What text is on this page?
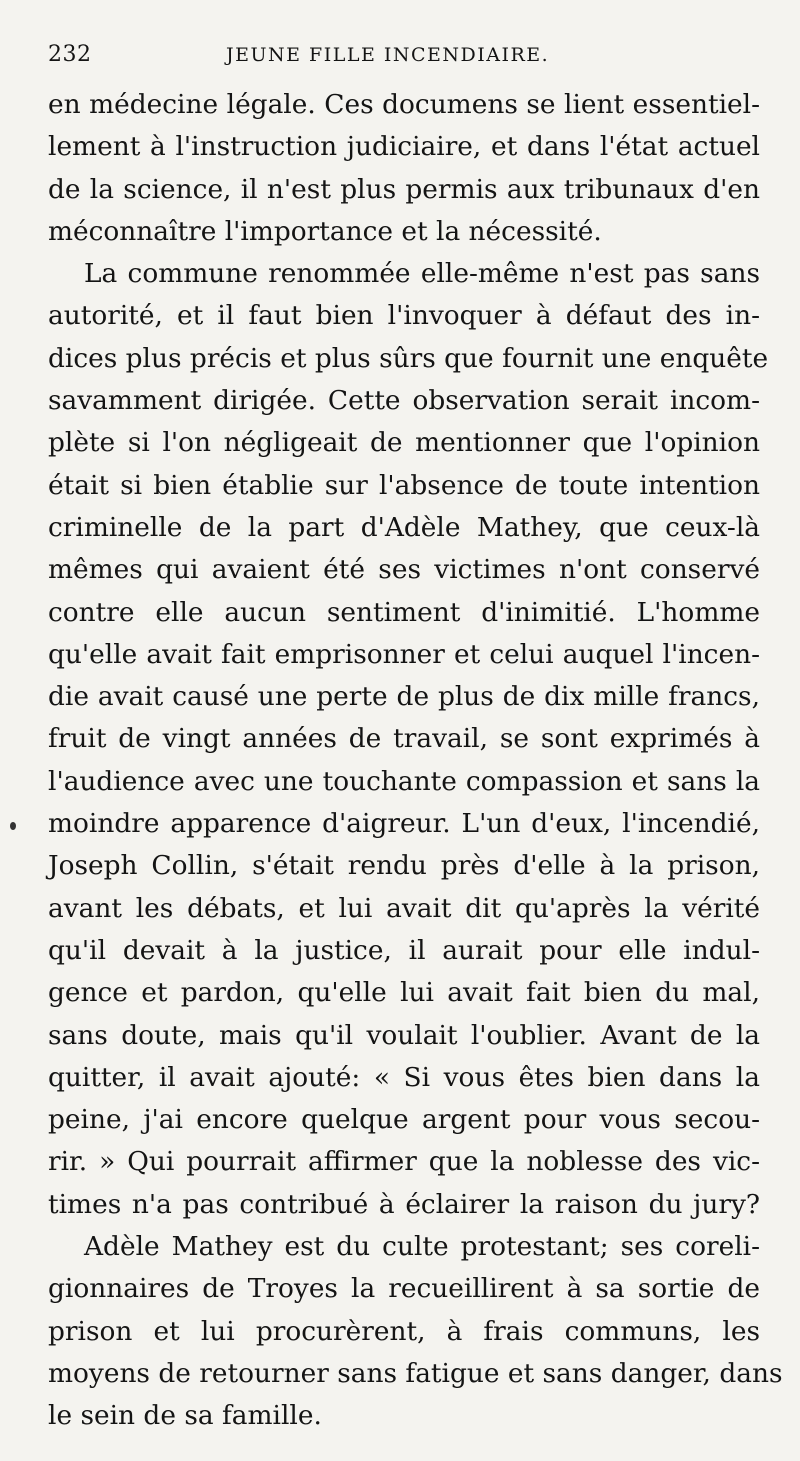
232	JEUNE FILLE INCENDIAIRE.
en médecine légale. Ces documens se lient essentiel-
lement à l'instruction judiciaire, et dans l'état actuel
de la science, il n'est plus permis aux tribunaux d'en
méconnaître l'importance et la nécessité.
La commune renommée elle-même n'est pas sans
autorité, et il faut bien l'invoquer à défaut des in-
dices plus précis et plus sûrs que fournit une enquête
savamment dirigée. Cette observation serait incom-
plète si l'on négligeait de mentionner que l'opinion
était si bien établie sur l'absence de toute intention
criminelle de la part d'Adèle Mathey, que ceux-là
mêmes qui avaient été ses victimes n'ont conservé
contre elle aucun sentiment d'inimitié. L'homme
qu'elle avait fait emprisonner et celui auquel l'incen-
die avait causé une perte de plus de dix mille francs,
fruit de vingt années de travail, se sont exprimés à
l'audience avec une touchante compassion et sans la
moindre apparence d'aigreur. L'un d'eux, l'incendié,
Joseph Collin, s'était rendu près d'elle à la prison,
avant les débats, et lui avait dit qu'après la vérité
qu'il devait à la justice, il aurait pour elle indul-
gence et pardon, qu'elle lui avait fait bien du mal,
sans doute, mais qu'il voulait l'oublier. Avant de la
quitter, il avait ajouté: « Si vous êtes bien dans la
peine, j'ai encore quelque argent pour vous secou-
rir. » Qui pourrait affirmer que la noblesse des vic-
times n'a pas contribué à éclairer la raison du jury?
Adèle Mathey est du culte protestant; ses coreli-
gionnaires de Troyes la recueillirent à sa sortie de
prison et lui procurèrent, à frais communs, les
moyens de retourner sans fatigue et sans danger, dans
le sein de sa famille.
